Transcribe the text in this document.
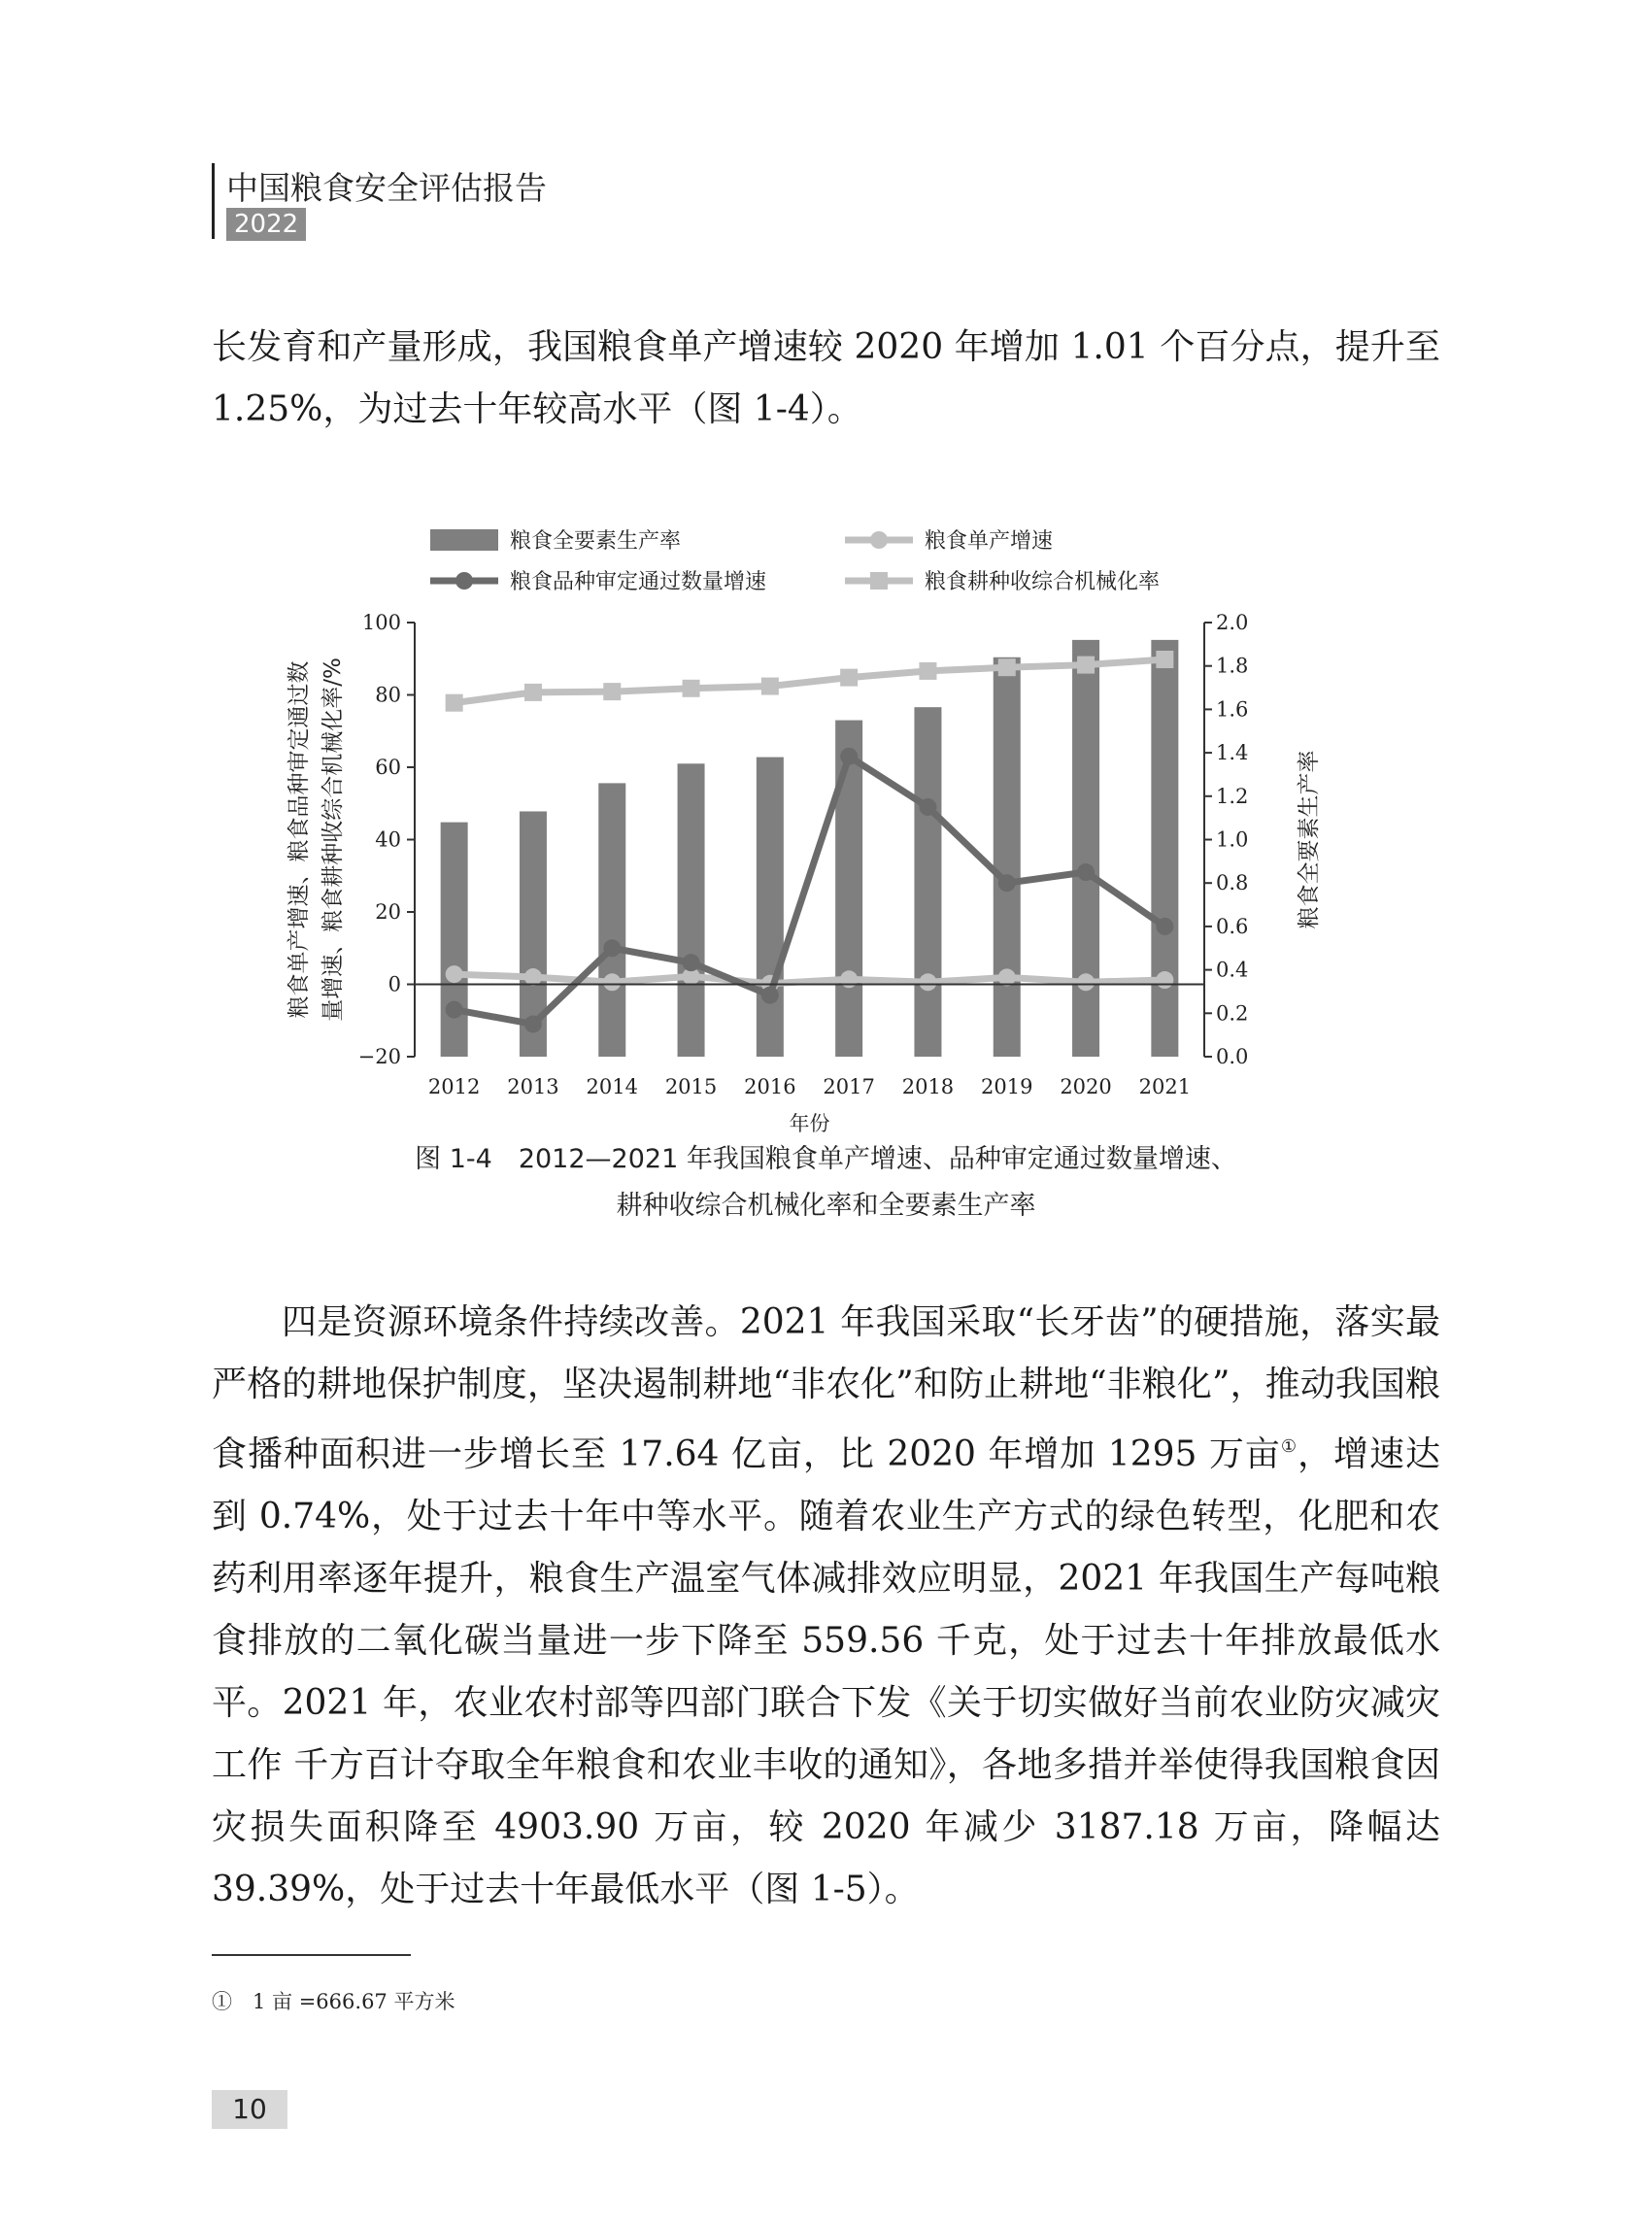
中国粮食安全评估报告
2022

长发育和产量形成，我国粮食单产增速较 2020 年增加 1.01 个百分点，提升至 1.25%，为过去十年较高水平（图 1-4）。

粮食全要素生产率	粮食单产增速
粮食品种审定通过数量增速	粮食耕种收综合机械化率
100
80
60
40
20
0
−20
2.0
1.8
1.6
1.4
1.2
1.0
0.8
0.6
0.4
0.2
0.0
2012 2013 2014 2015 2016 2017 2018 2019 2020 2021
年份
粮食单产增速、粮食品种审定通过数 量增速、粮食耕种收综合机械化率/%	粮食全要素生产率
图 1-4　2012—2021 年我国粮食单产增速、品种审定通过数量增速、
耕种收综合机械化率和全要素生产率

四是资源环境条件持续改善。2021 年我国采取“长牙齿”的硬措施，落实最严格的耕地保护制度，坚决遏制耕地“非农化”和防止耕地“非粮化”，推动我国粮食播种面积进一步增长至 17.64 亿亩，比 2020 年增加 1295 万亩①，增速达到 0.74%，处于过去十年中等水平。随着农业生产方式的绿色转型，化肥和农药利用率逐年提升，粮食生产温室气体减排效应明显，2021 年我国生产每吨粮食排放的二氧化碳当量进一步下降至 559.56 千克，处于过去十年排放最低水平。2021 年，农业农村部等四部门联合下发《关于切实做好当前农业防灾减灾工作 千方百计夺取全年粮食和农业丰收的通知》，各地多措并举使得我国粮食因灾损失面积降至 4903.90 万亩，较 2020 年减少 3187.18 万亩，降幅达 39.39%，处于过去十年最低水平（图 1-5）。

①　1 亩 =666.67 平方米
10
